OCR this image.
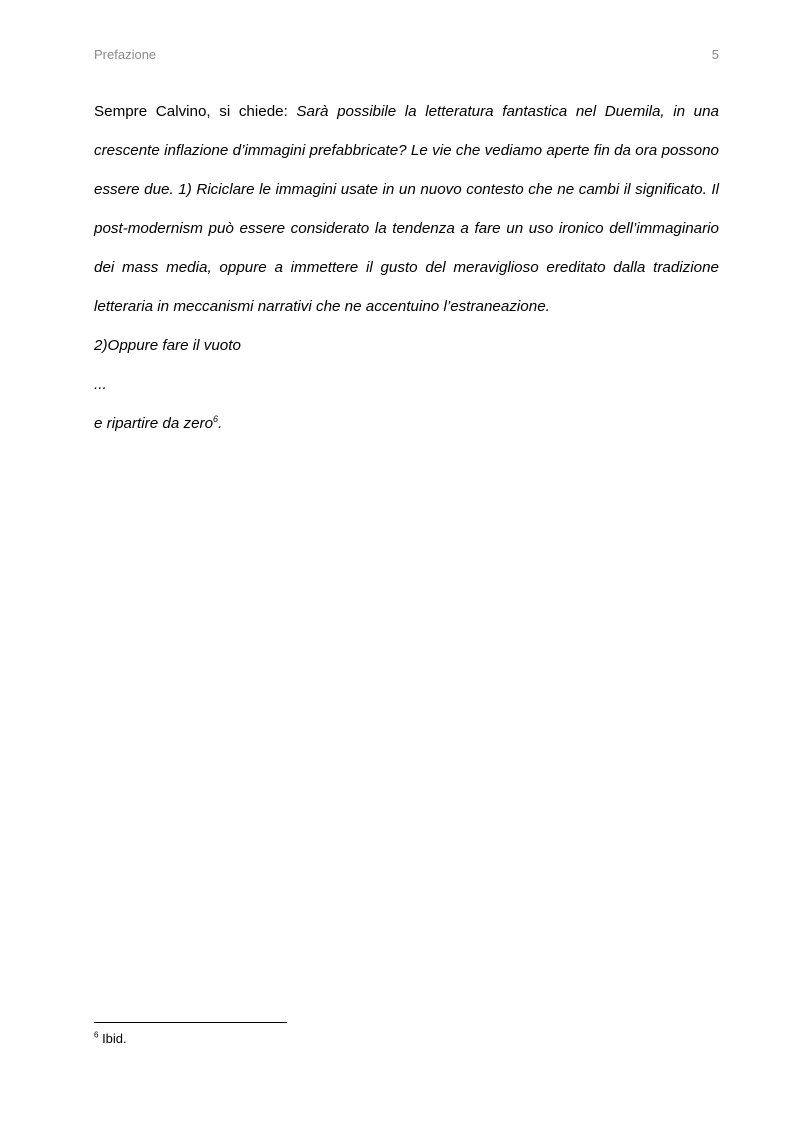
Prefazione	5

Sempre Calvino, si chiede: Sarà possibile la letteratura fantastica nel Duemila, in una crescente inflazione d’immagini prefabbricate? Le vie che vediamo aperte fin da ora possono essere due. 1) Riciclare le immagini usate in un nuovo contesto che ne cambi il significato. Il post-modernism può essere considerato la tendenza a fare un uso ironico dell’immaginario dei mass media, oppure a immettere il gusto del meraviglioso ereditato dalla tradizione letteraria in meccanismi narrativi che ne accentuino l’estraneazione.

2)Oppure fare il vuoto

...

e ripartire da zero$^6$.

$^6$ Ibid.
